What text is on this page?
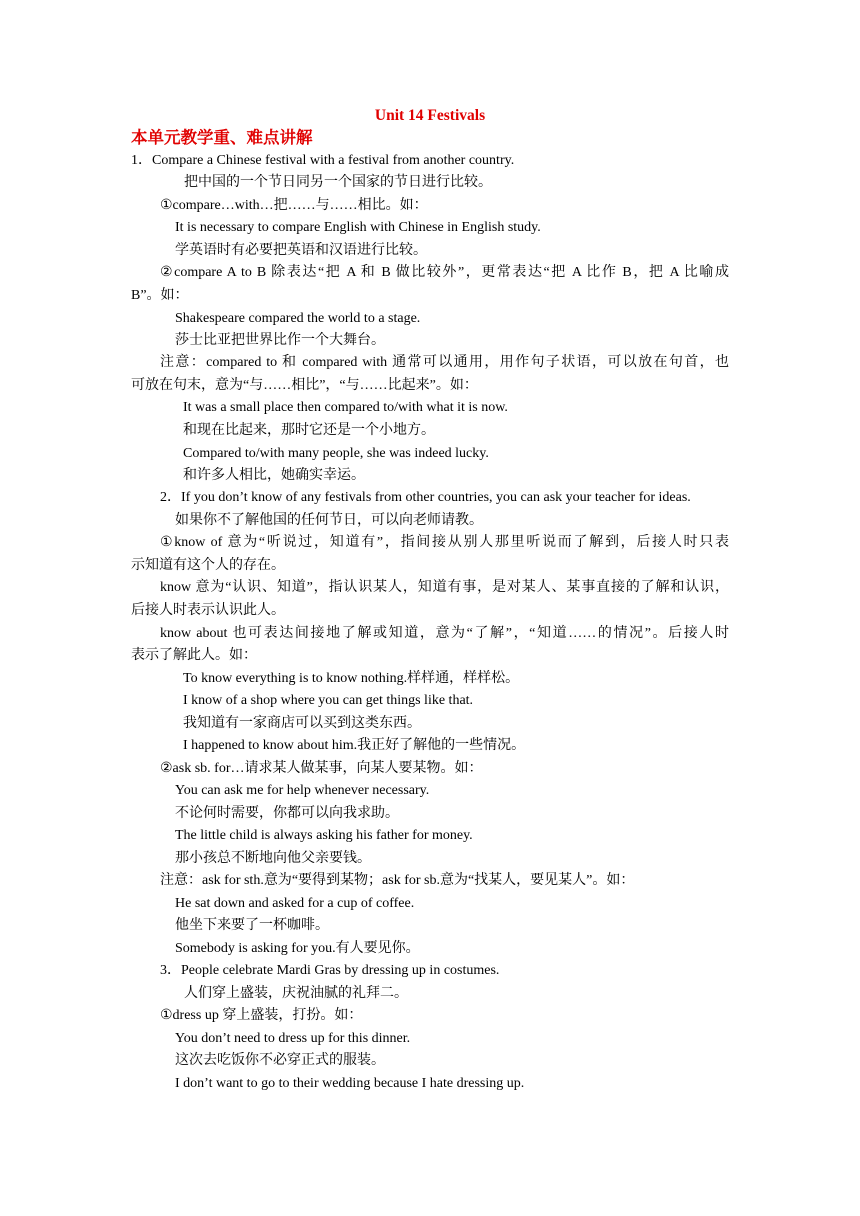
Unit 14 Festivals
本单元教学重、难点讲解
1．Compare a Chinese festival with a festival from another country.
把中国的一个节日同另一个国家的节日进行比较。
①compare…with…把……与……相比。如：
It is necessary to compare English with Chinese in English study.
学英语时有必要把英语和汉语进行比较。
②compare A to B 除表达“把 A 和 B 做比较外”，更常表达“把 A 比作 B，把 A 比喻成
B”。如：
Shakespeare compared the world to a stage.
莎士比亚把世界比作一个大舞台。
注意：compared to 和 compared with 通常可以通用，用作句子状语，可以放在句首，也
可放在句末，意为“与……相比”，“与……比起来”。如：
It was a small place then compared to/with what it is now.
和现在比起来，那时它还是一个小地方。
Compared to/with many people, she was indeed lucky.
和许多人相比，她确实幸运。
2．If you don’t know of any festivals from other countries, you can ask your teacher for ideas.
如果你不了解他国的任何节日，可以向老师请教。
①know of 意为“听说过，知道有”，指间接从别人那里听说而了解到，后接人时只表
示知道有这个人的存在。
know 意为“认识、知道”，指认识某人，知道有事，是对某人、某事直接的了解和认识，
后接人时表示认识此人。
know about 也可表达间接地了解或知道，意为“了解”，“知道……的情况”。后接人时
表示了解此人。如：
To know everything is to know nothing.样样通，样样松。
I know of a shop where you can get things like that.
我知道有一家商店可以买到这类东西。
I happened to know about him.我正好了解他的一些情况。
②ask sb. for…请求某人做某事，向某人要某物。如：
You can ask me for help whenever necessary.
不论何时需要，你都可以向我求助。
The little child is always asking his father for money.
那小孩总不断地向他父亲要钱。
注意：ask for sth.意为“要得到某物；ask for sb.意为“找某人，要见某人”。如：
He sat down and asked for a cup of coffee.
他坐下来要了一杯咖啡。
Somebody is asking for you.有人要见你。
3．People celebrate Mardi Gras by dressing up in costumes.
人们穿上盛装，庆祝油腻的礼拜二。
①dress up 穿上盛装，打扮。如：
You don’t need to dress up for this dinner.
这次去吃饭你不必穿正式的服装。
I don’t want to go to their wedding because I hate dressing up.
